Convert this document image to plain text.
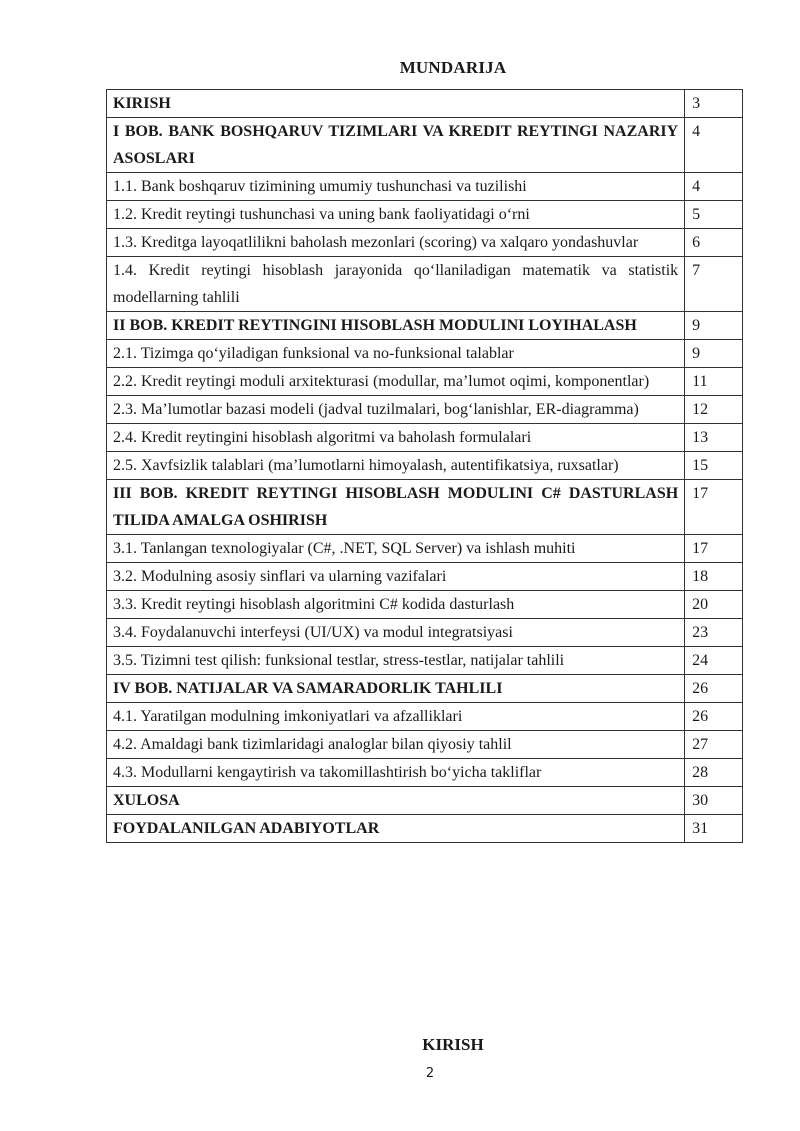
MUNDARIJA
KIRISH	3
I BOB. BANK BOSHQARUV TIZIMLARI VA KREDIT REYTINGI NAZARIY ASOSLARI	4
1.1. Bank boshqaruv tizimining umumiy tushunchasi va tuzilishi	4
1.2. Kredit reytingi tushunchasi va uning bank faoliyatidagi o‘rni	5
1.3. Kreditga layoqatlilikni baholash mezonlari (scoring) va xalqaro yondashuvlar	6
1.4. Kredit reytingi hisoblash jarayonida qo‘llaniladigan matematik va statistik modellarning tahlili	7
II BOB. KREDIT REYTINGINI HISOBLASH MODULINI LOYIHALASH	9
2.1. Tizimga qo‘yiladigan funksional va no-funksional talablar	9
2.2. Kredit reytingi moduli arxitekturasi (modullar, ma’lumot oqimi, komponentlar)	11
2.3. Ma’lumotlar bazasi modeli (jadval tuzilmalari, bog‘lanishlar, ER-diagramma)	12
2.4. Kredit reytingini hisoblash algoritmi va baholash formulalari	13
2.5. Xavfsizlik talablari (ma’lumotlarni himoyalash, autentifikatsiya, ruxsatlar)	15
III BOB. KREDIT REYTINGI HISOBLASH MODULINI C# DASTURLASH TILIDA AMALGA OSHIRISH	17
3.1. Tanlangan texnologiyalar (C#, .NET, SQL Server) va ishlash muhiti	17
3.2. Modulning asosiy sinflari va ularning vazifalari	18
3.3. Kredit reytingi hisoblash algoritmini C# kodida dasturlash	20
3.4. Foydalanuvchi interfeysi (UI/UX) va modul integratsiyasi	23
3.5. Tizimni test qilish: funksional testlar, stress-testlar, natijalar tahlili	24
IV BOB. NATIJALAR VA SAMARADORLIK TAHLILI	26
4.1. Yaratilgan modulning imkoniyatlari va afzalliklari	26
4.2. Amaldagi bank tizimlaridagi analoglar bilan qiyosiy tahlil	27
4.3. Modullarni kengaytirish va takomillashtirish bo‘yicha takliflar	28
XULOSA	30
FOYDALANILGAN ADABIYOTLAR	31
KIRISH
2
